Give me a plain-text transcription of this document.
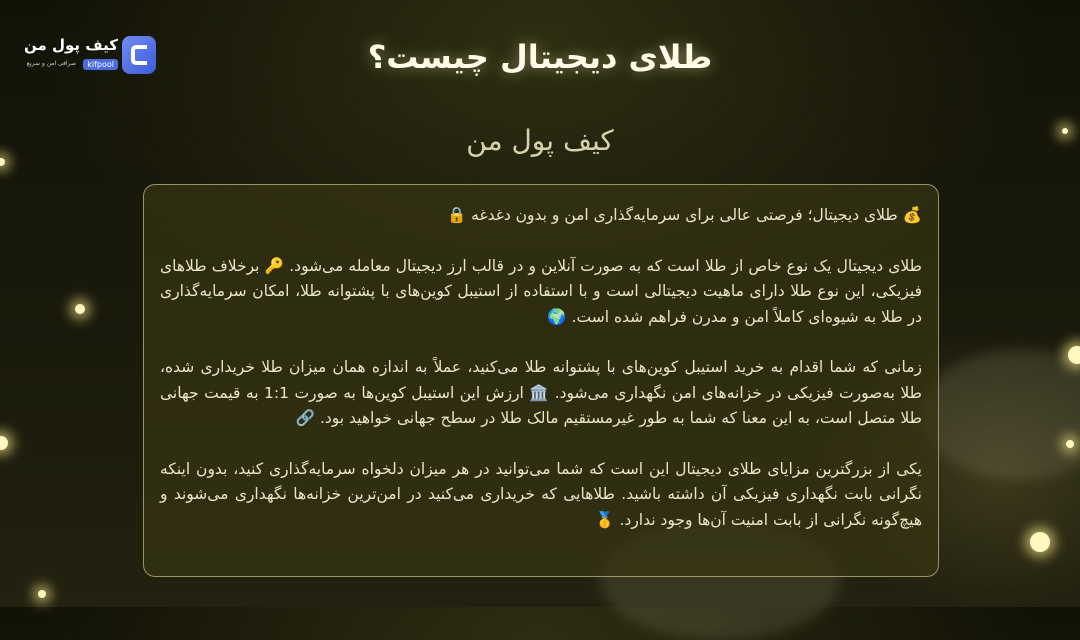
کیف پول من
kifpool
صرافی امن و سریع	طلای دیجیتال چیست؟
کیف پول من

💰 طلای دیجیتال؛ فرصتی عالی برای سرمایه‌گذاری امن و بدون دغدغه 🔒

طلای دیجیتال یک نوع خاص از طلا است که به صورت آنلاین و در قالب ارز دیجیتال معامله می‌شود. 🔑 برخلاف طلاهای فیزیکی، این نوع طلا دارای ماهیت دیجیتالی است و با استفاده از استیبل کوین‌های با پشتوانه طلا، امکان سرمایه‌گذاری در طلا به شیوه‌ای کاملاً امن و مدرن فراهم شده است. 🌍

زمانی که شما اقدام به خرید استیبل کوین‌های با پشتوانه طلا می‌کنید، عملاً به اندازه همان میزان طلا خریداری شده، طلا به‌صورت فیزیکی در خزانه‌های امن نگهداری می‌شود. 🏛️ ارزش این استیبل کوین‌ها به صورت 1:1 به قیمت جهانی طلا متصل است، به این معنا که شما به طور غیرمستقیم مالک طلا در سطح جهانی خواهید بود. 🔗

یکی از بزرگترین مزایای طلای دیجیتال این است که شما می‌توانید در هر میزان دلخواه سرمایه‌گذاری کنید، بدون اینکه نگرانی بابت نگهداری فیزیکی آن داشته باشید. طلاهایی که خریداری می‌کنید در امن‌ترین خزانه‌ها نگهداری می‌شوند و هیچ‌گونه نگرانی از بابت امنیت آن‌ها وجود ندارد. 🥇
